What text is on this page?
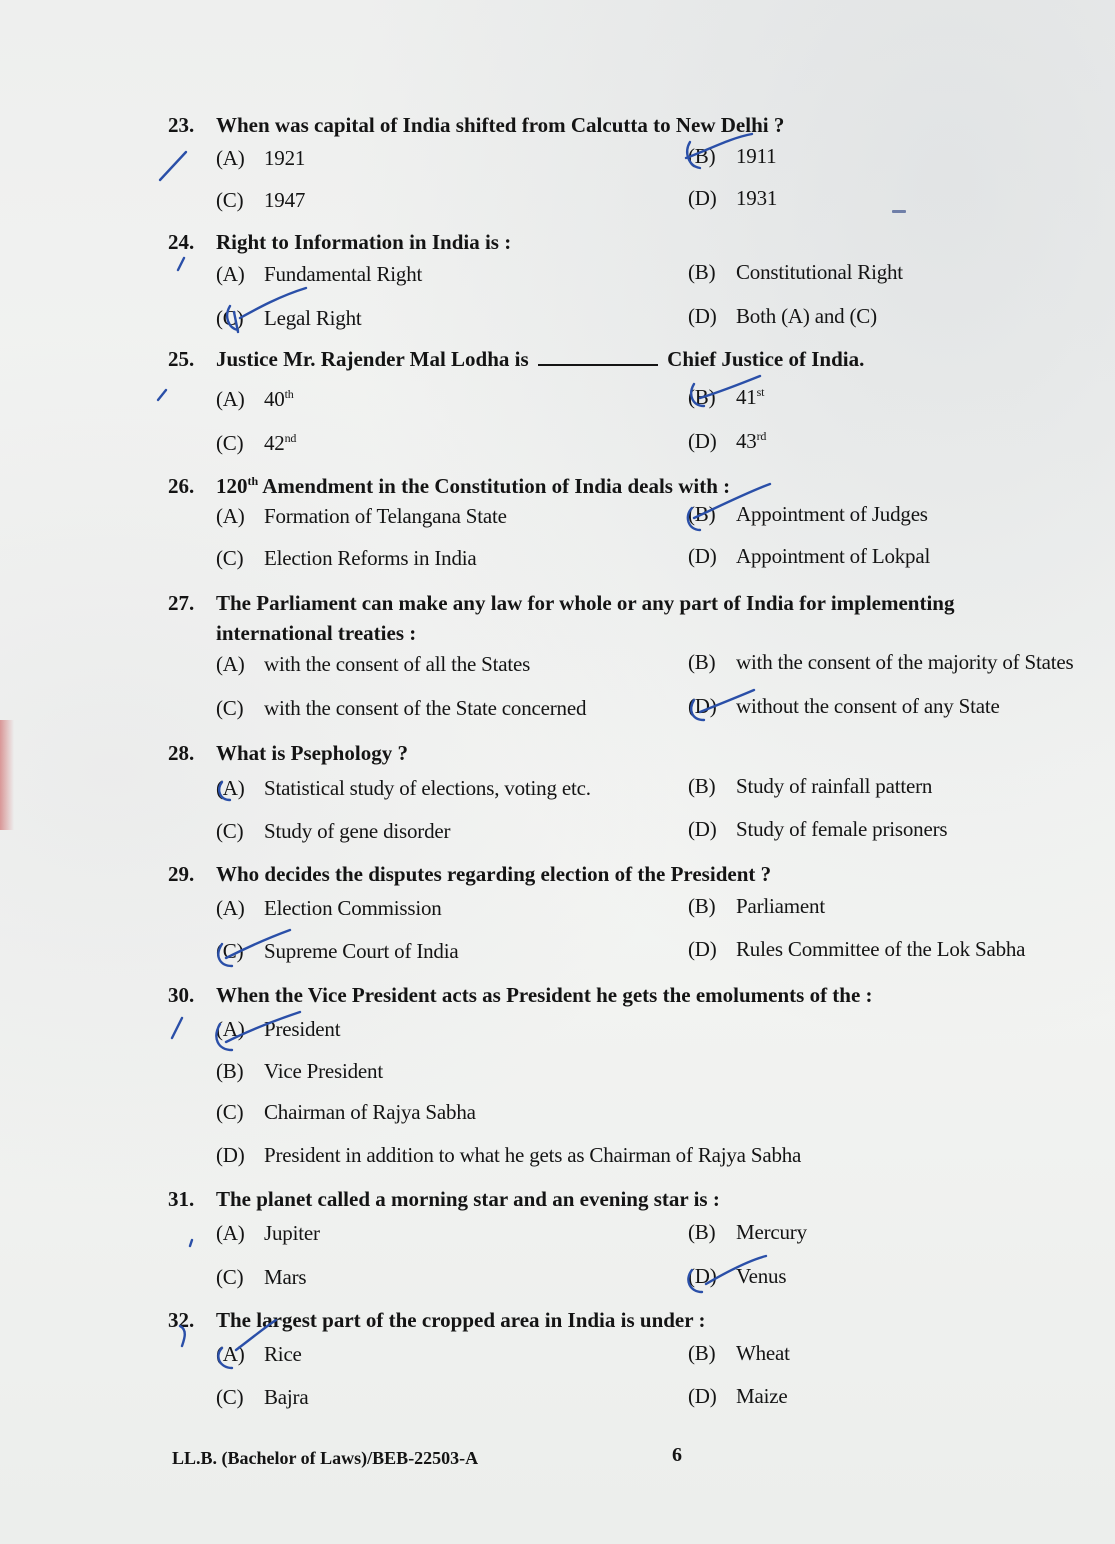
23. When was capital of India shifted from Calcutta to New Delhi ?
(A) 1921	(B) 1911
(C) 1947	(D) 1931
24. Right to Information in India is :
(A) Fundamental Right	(B) Constitutional Right
(C) Legal Right	(D) Both (A) and (C)
25. Justice Mr. Rajender Mal Lodha is	Chief Justice of India.
(A) 40th	(B) 41st
(C) 42nd	(D) 43rd
26. 120th Amendment in the Constitution of India deals with :
(A) Formation of Telangana State	(B) Appointment of Judges
(C) Election Reforms in India	(D) Appointment of Lokpal
27. The Parliament can make any law for whole or any part of India for implementing
international treaties :
(A) with the consent of all the States	(B) with the consent of the majority of States
(C) with the consent of the State concerned	(D) without the consent of any State
28. What is Psephology ?
(A) Statistical study of elections, voting etc.	(B) Study of rainfall pattern
(C) Study of gene disorder	(D) Study of female prisoners
29. Who decides the disputes regarding election of the President ?
(A) Election Commission	(B) Parliament
(C) Supreme Court of India	(D) Rules Committee of the Lok Sabha
30. When the Vice President acts as President he gets the emoluments of the :
(A) President
(B) Vice President
(C) Chairman of Rajya Sabha
(D) President in addition to what he gets as Chairman of Rajya Sabha
31. The planet called a morning star and an evening star is :
(A) Jupiter	(B) Mercury
(C) Mars	(D) Venus
32. The largest part of the cropped area in India is under :
(A) Rice	(B) Wheat
(C) Bajra	(D) Maize
LL.B. (Bachelor of Laws)/BEB-22503-A	6
